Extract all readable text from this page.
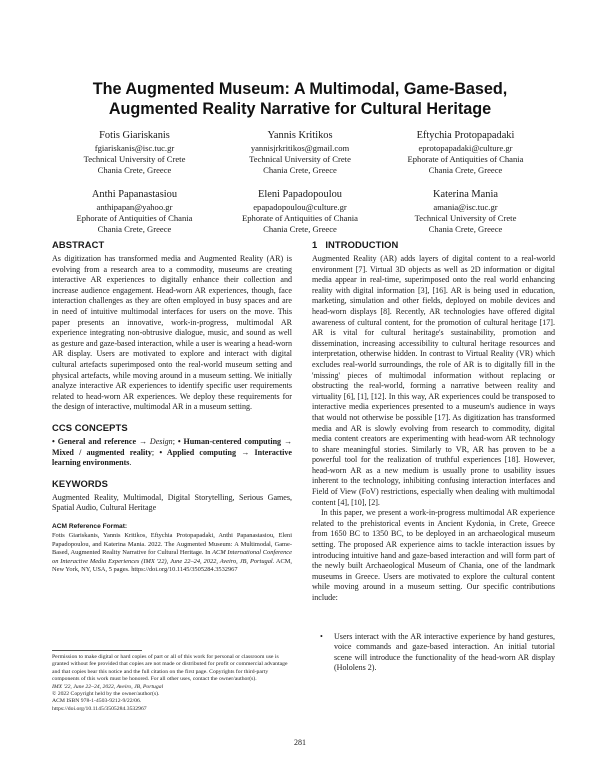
The Augmented Museum: A Multimodal, Game-Based,
Augmented Reality Narrative for Cultural Heritage
Fotis Giariskanis
fgiariskanis@isc.tuc.gr
Technical University of Crete
Chania Crete, Greece
Yannis Kritikos
yannisjrkritikos@gmail.com
Technical University of Crete
Chania Crete, Greece
Eftychia Protopapadaki
eprotopapadaki@culture.gr
Ephorate of Antiquities of Chania
Chania Crete, Greece
Anthi Papanastasiou
anthipapan@yahoo.gr
Ephorate of Antiquities of Chania
Chania Crete, Greece
Eleni Papadopoulou
epapadopoulou@culture.gr
Ephorate of Antiquities of Chania
Chania Crete, Greece
Katerina Mania
amania@isc.tuc.gr
Technical University of Crete
Chania Crete, Greece
ABSTRACT

As digitization has transformed media and Augmented Reality (AR) is evolving from a research area to a commodity, museums are creating interactive AR experiences to digitally enhance their collection and increase audience engagement. Head-worn AR experiences, though, face interaction challenges as they are often employed in busy spaces and are in need of intuitive multimodal interfaces for users on the move. This paper presents an innovative, work-in-progress, multimodal AR experience integrating non-obtrusive dialogue, music, and sound as well as gesture and gaze-based interaction, while a user is wearing a head-worn AR display. Users are motivated to explore and interact with digital cultural artefacts superimposed onto the real-world museum setting and physical artefacts, while moving around in a museum setting. We initially analyze interactive AR experiences to identify specific user requirements related to head-worn AR experiences. We deploy these requirements for the design of interactive, multimodal AR in a museum setting.

CCS CONCEPTS

• General and reference → Design; • Human-centered computing → Mixed / augmented reality; • Applied computing → Interactive learning environments.

KEYWORDS

Augmented Reality, Multimodal, Digital Storytelling, Serious Games, Spatial Audio, Cultural Heritage

ACM Reference Format:
Fotis Giariskanis, Yannis Kritikos, Eftychia Protopapadaki, Anthi Papanastasiou, Eleni Papadopoulou, and Katerina Mania. 2022. The Augmented Museum: A Multimodal, Game-Based, Augmented Reality Narrative for Cultural Heritage. In ACM International Conference on Interactive Media Experiences (IMX '22), June 22–24, 2022, Aveiro, JB, Portugal. ACM, New York, NY, USA, 5 pages. https://doi.org/10.1145/3505284.3532967
Permission to make digital or hard copies of part or all of this work for personal or classroom use is granted without fee provided that copies are not made or distributed for profit or commercial advantage and that copies bear this notice and the full citation on the first page. Copyrights for third-party components of this work must be honored. For all other uses, contact the owner/author(s).
IMX '22, June 22–24, 2022, Aveiro, JB, Portugal
© 2022 Copyright held by the owner/author(s).
ACM ISBN 978-1-4503-9212-9/22/06.
https://doi.org/10.1145/3505284.3532967
1 INTRODUCTION

Augmented Reality (AR) adds layers of digital content to a real-world environment [7]. Virtual 3D objects as well as 2D information or digital media appear in real-time, superimposed onto the real world enhancing reality with digital information [3], [16]. AR is being used in education, marketing, simulation and other fields, deployed on mobile devices and head-worn displays [8]. Recently, AR technologies have offered digital awareness of cultural content, for the promotion of cultural heritage [17]. AR is vital for cultural heritage's sustainability, promotion and dissemination, increasing accessibility to cultural heritage resources and interpretation, otherwise hidden. In contrast to Virtual Reality (VR) which excludes real-world surroundings, the role of AR is to digitally fill in the 'missing' pieces of multimodal information without replacing or obstructing the real-world, forming a narrative between reality and virtuality [6], [1], [12]. In this way, AR experiences could be transposed to interactive media experiences presented to a museum's audience in ways that would not otherwise be possible [17]. As digitization has transformed media and AR is slowly evolving from research to commodity, digital media content creators are experimenting with head-worn AR technology to share meaningful stories. Similarly to VR, AR has proven to be a powerful tool for the realization of truthful experiences [18]. However, head-worn AR as a new medium is usually prone to usability issues inherent to the technology, inhibiting confusing interaction interfaces and Field of View (FoV) restrictions, especially when dealing with multimodal content [4], [10], [2].

In this paper, we present a work-in-progress multimodal AR experience related to the prehistorical events in Ancient Kydonia, in Crete, Greece from 1650 BC to 1350 BC, to be deployed in an archaeological museum setting. The proposed AR experience aims to tackle interaction issues by introducing intuitive hand and gaze-based interaction and will form part of the newly built Archaeological Museum of Chania, one of the landmark museums in Greece. Users are motivated to explore the cultural content while moving around in a museum setting. Our specific contributions include:

• Users interact with the AR interactive experience by hand gestures, voice commands and gaze-based interaction. An initial tutorial scene will introduce the functionality of the head-worn AR display (Hololens 2).
281
